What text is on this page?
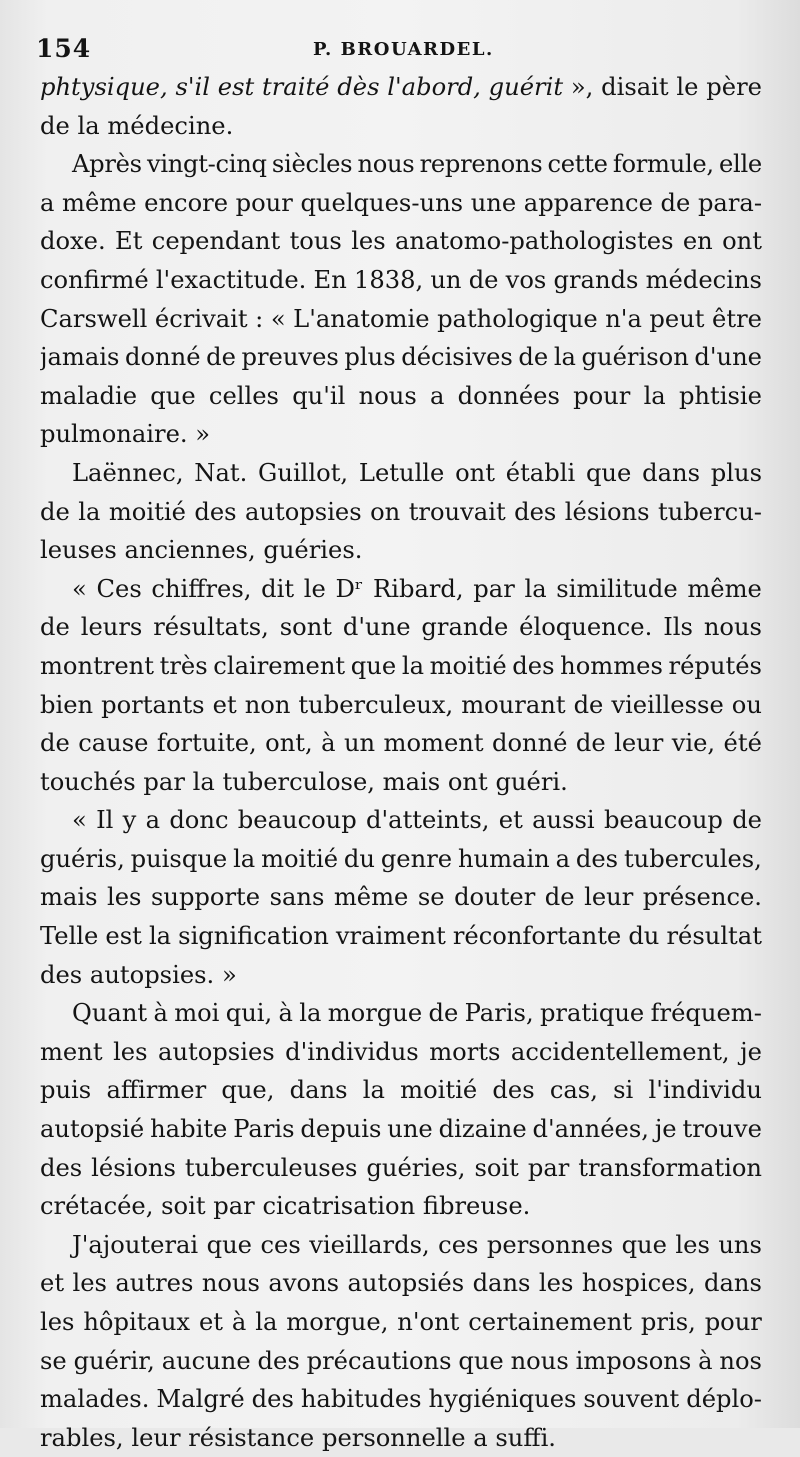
154	P. BROUARDEL.
phtysique, s'il est traité dès l'abord, guérit », disait le père
de
la
médecine.
Après vingt-cinq siècles nous reprenons cette formule, elle
a même encore pour quelques-uns une apparence de para-
doxe. Et cependant tous les anatomo-pathologistes en ont
confirmé l'exactitude. En 1838, un de vos grands médecins
Carswell écrivait : « L'anatomie pathologique n'a peut être
jamais donné de preuves plus décisives de la guérison d'une
maladie que celles qu'il nous a données pour la phtisie
pulmonaire.
»
Laënnec, Nat. Guillot, Letulle ont établi que dans plus
de la moitié des autopsies on trouvait des lésions tubercu-
leuses
anciennes,
guéries.
« Ces chiffres, dit le Dʳ Ribard, par la similitude même
de leurs résultats, sont d'une grande éloquence. Ils nous
montrent très clairement que la moitié des hommes réputés
bien portants et non tuberculeux, mourant de vieillesse ou
de cause fortuite, ont, à un moment donné de leur vie, été
touchés
par
la
tuberculose,
mais
ont
guéri.
« Il y a donc beaucoup d'atteints, et aussi beaucoup de
guéris, puisque la moitié du genre humain a des tubercules,
mais les supporte sans même se douter de leur présence.
Telle est la signification vraiment réconfortante du résultat
des
autopsies.
»
Quant à moi qui, à la morgue de Paris, pratique fréquem-
ment les autopsies d'individus morts accidentellement, je
puis affirmer que, dans la moitié des cas, si l'individu
autopsié habite Paris depuis une dizaine d'années, je trouve
des lésions tuberculeuses guéries, soit par transformation
crétacée,
soit
par
cicatrisation
fibreuse.
J'ajouterai que ces vieillards, ces personnes que les uns
et les autres nous avons autopsiés dans les hospices, dans
les hôpitaux et à la morgue, n'ont certainement pris, pour
se guérir, aucune des précautions que nous imposons à nos
malades. Malgré des habitudes hygiéniques souvent déplo-
rables,
leur
résistance
personnelle
a
suffi.
